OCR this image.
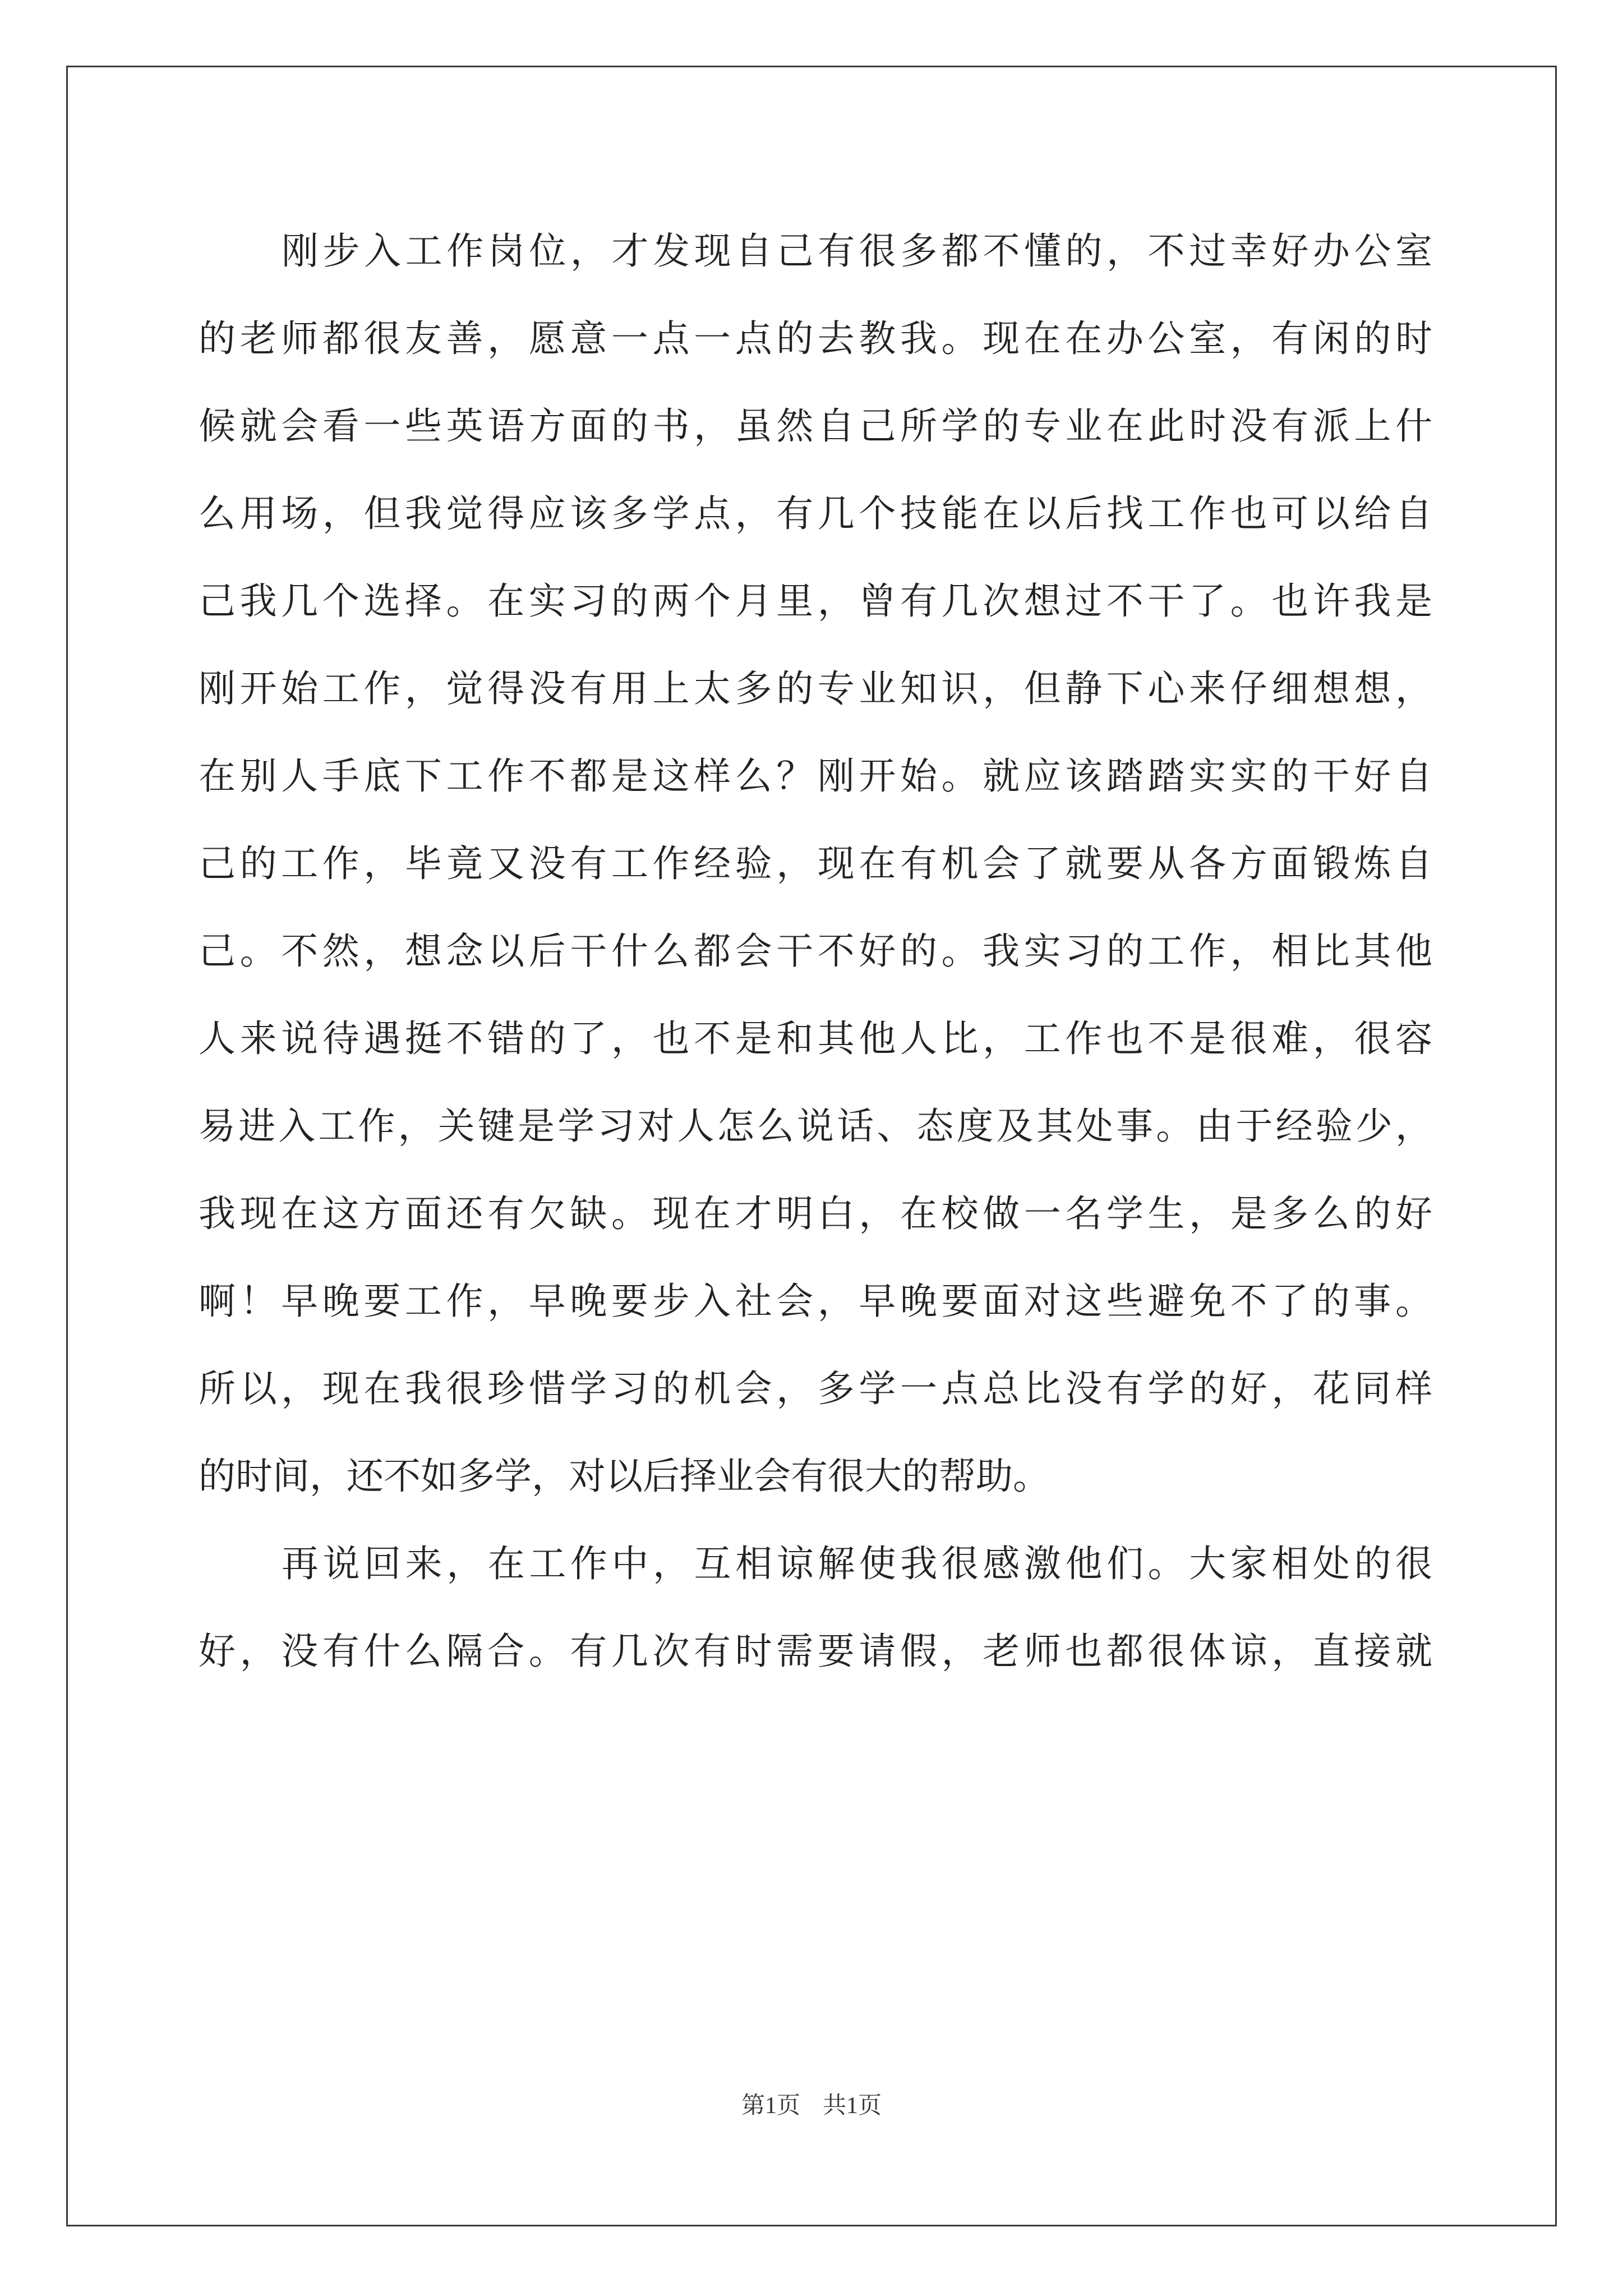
刚步入工作岗位，才发现自己有很多都不懂的，不过幸好办公室
的老师都很友善，愿意一点一点的去教我。现在在办公室，有闲的时
候就会看一些英语方面的书，虽然自己所学的专业在此时没有派上什
么用场，但我觉得应该多学点，有几个技能在以后找工作也可以给自
己我几个选择。在实习的两个月里，曾有几次想过不干了。也许我是
刚开始工作，觉得没有用上太多的专业知识，但静下心来仔细想想，
在别人手底下工作不都是这样么？刚开始。就应该踏踏实实的干好自
己的工作，毕竟又没有工作经验，现在有机会了就要从各方面锻炼自
己。不然，想念以后干什么都会干不好的。我实习的工作，相比其他
人来说待遇挺不错的了，也不是和其他人比，工作也不是很难，很容
易进入工作，关键是学习对人怎么说话、态度及其处事。由于经验少，
我现在这方面还有欠缺。现在才明白，在校做一名学生，是多么的好
啊！早晚要工作，早晚要步入社会，早晚要面对这些避免不了的事。
所以，现在我很珍惜学习的机会，多学一点总比没有学的好，花同样
的时间，还不如多学，对以后择业会有很大的帮助。
再说回来，在工作中，互相谅解使我很感激他们。大家相处的很
好，没有什么隔合。有几次有时需要请假，老师也都很体谅，直接就
第1页 共1页
